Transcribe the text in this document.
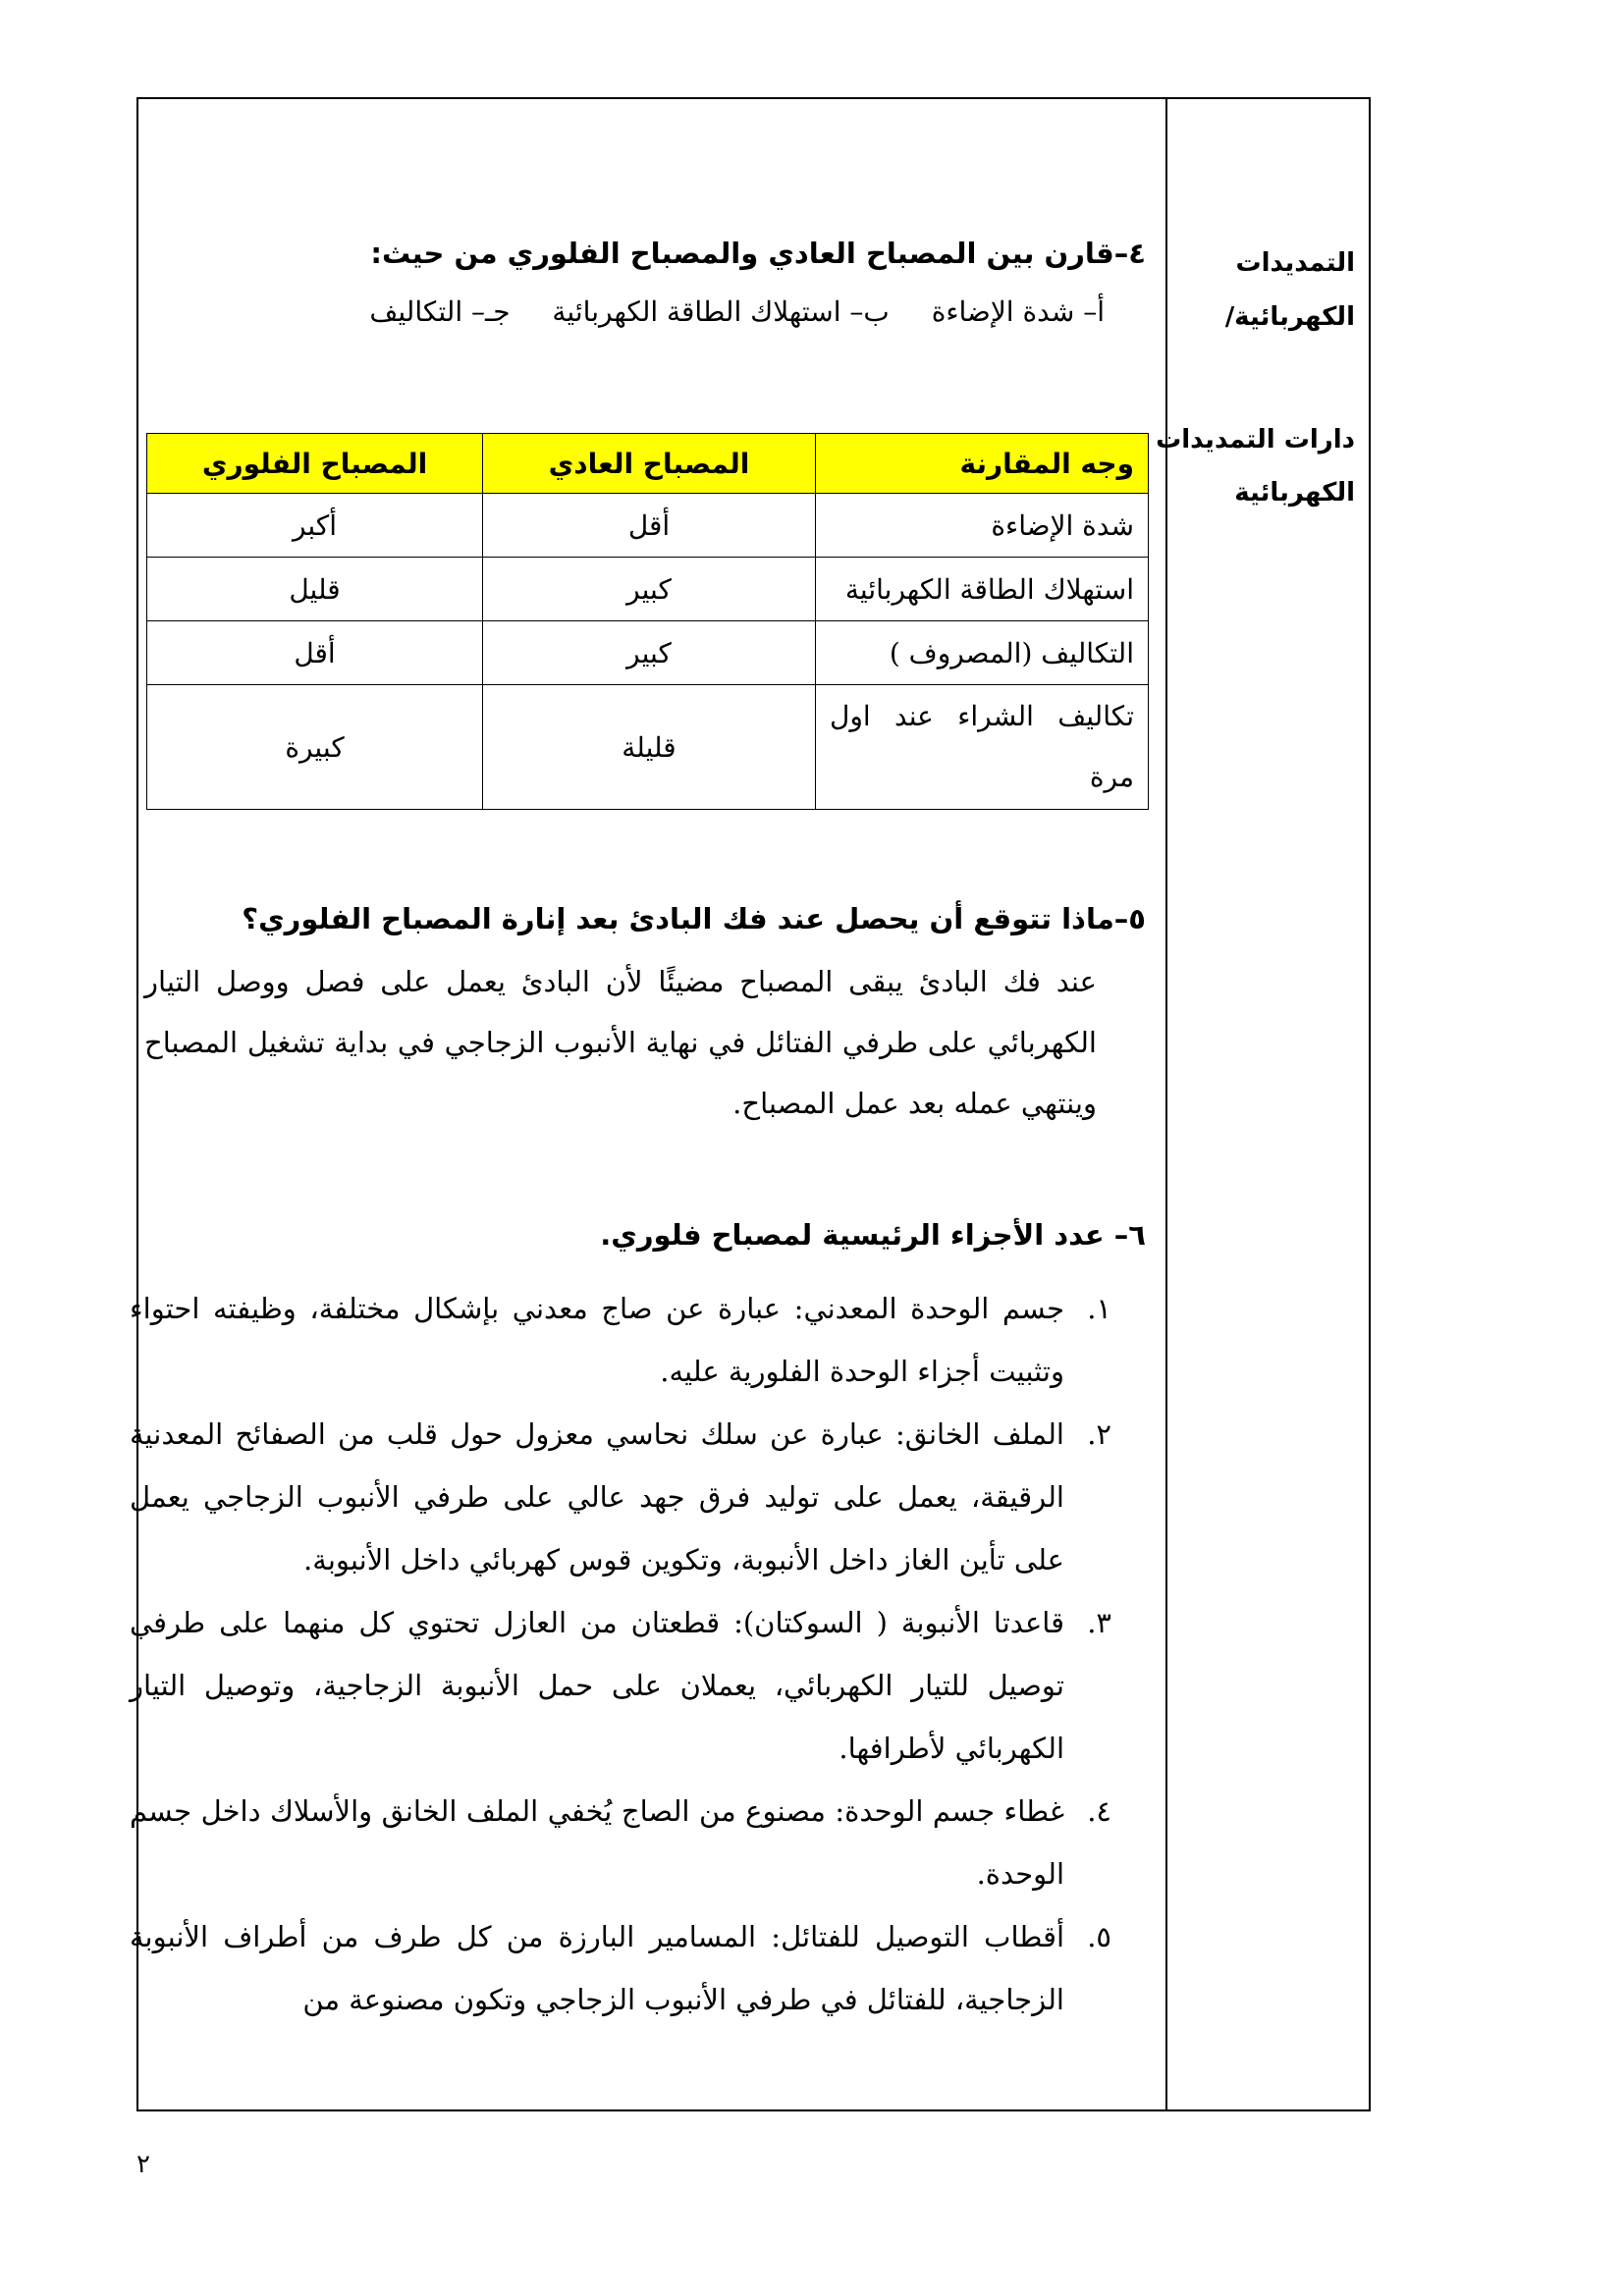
التمديدات
الكهربائية/
دارات التمديدات
الكهربائية
٤–قارن بين المصباح العادي والمصباح الفلوري من حيث:
أ– شدة الإضاءة ب– استهلاك الطاقة الكهربائية جـ– التكاليف
وجه المقارنة	المصباح العادي	المصباح الفلوري
شدة الإضاءة	أقل	أكبر
استهلاك الطاقة الكهربائية	كبير	قليل
التكاليف (المصروف )	كبير	أقل
تكاليف الشراء عند اول مرة	قليلة	كبيرة
٥–ماذا تتوقع أن يحصل عند فك البادئ بعد إنارة المصباح الفلوري؟
عند فك البادئ يبقى المصباح مضيئًا لأن البادئ يعمل على فصل ووصل التيار الكهربائي على طرفي الفتائل في نهاية الأنبوب الزجاجي في بداية تشغيل المصباح وينتهي عمله بعد عمل المصباح.
٦– عدد الأجزاء الرئيسية لمصباح فلوري.
١.
جسم الوحدة المعدني: عبارة عن صاج معدني بإشكال مختلفة، وظيفته احتواء وتثبيت أجزاء الوحدة الفلورية عليه.
٢.
الملف الخانق: عبارة عن سلك نحاسي معزول حول قلب من الصفائح المعدنية الرقيقة، يعمل على توليد فرق جهد عالي على طرفي الأنبوب الزجاجي يعمل على تأين الغاز داخل الأنبوبة، وتكوين قوس كهربائي داخل الأنبوبة.
٣.
قاعدتا الأنبوبة ( السوكتان): قطعتان من العازل تحتوي كل منهما على طرفي توصيل للتيار الكهربائي، يعملان على حمل الأنبوبة الزجاجية، وتوصيل التيار الكهربائي لأطرافها.
٤.
غطاء جسم الوحدة: مصنوع من الصاج يُخفي الملف الخانق والأسلاك داخل جسم الوحدة.
٥.
أقطاب التوصيل للفتائل: المسامير البارزة من كل طرف من أطراف الأنبوبة الزجاجية، للفتائل في طرفي الأنبوب الزجاجي وتكون مصنوعة من
٢
